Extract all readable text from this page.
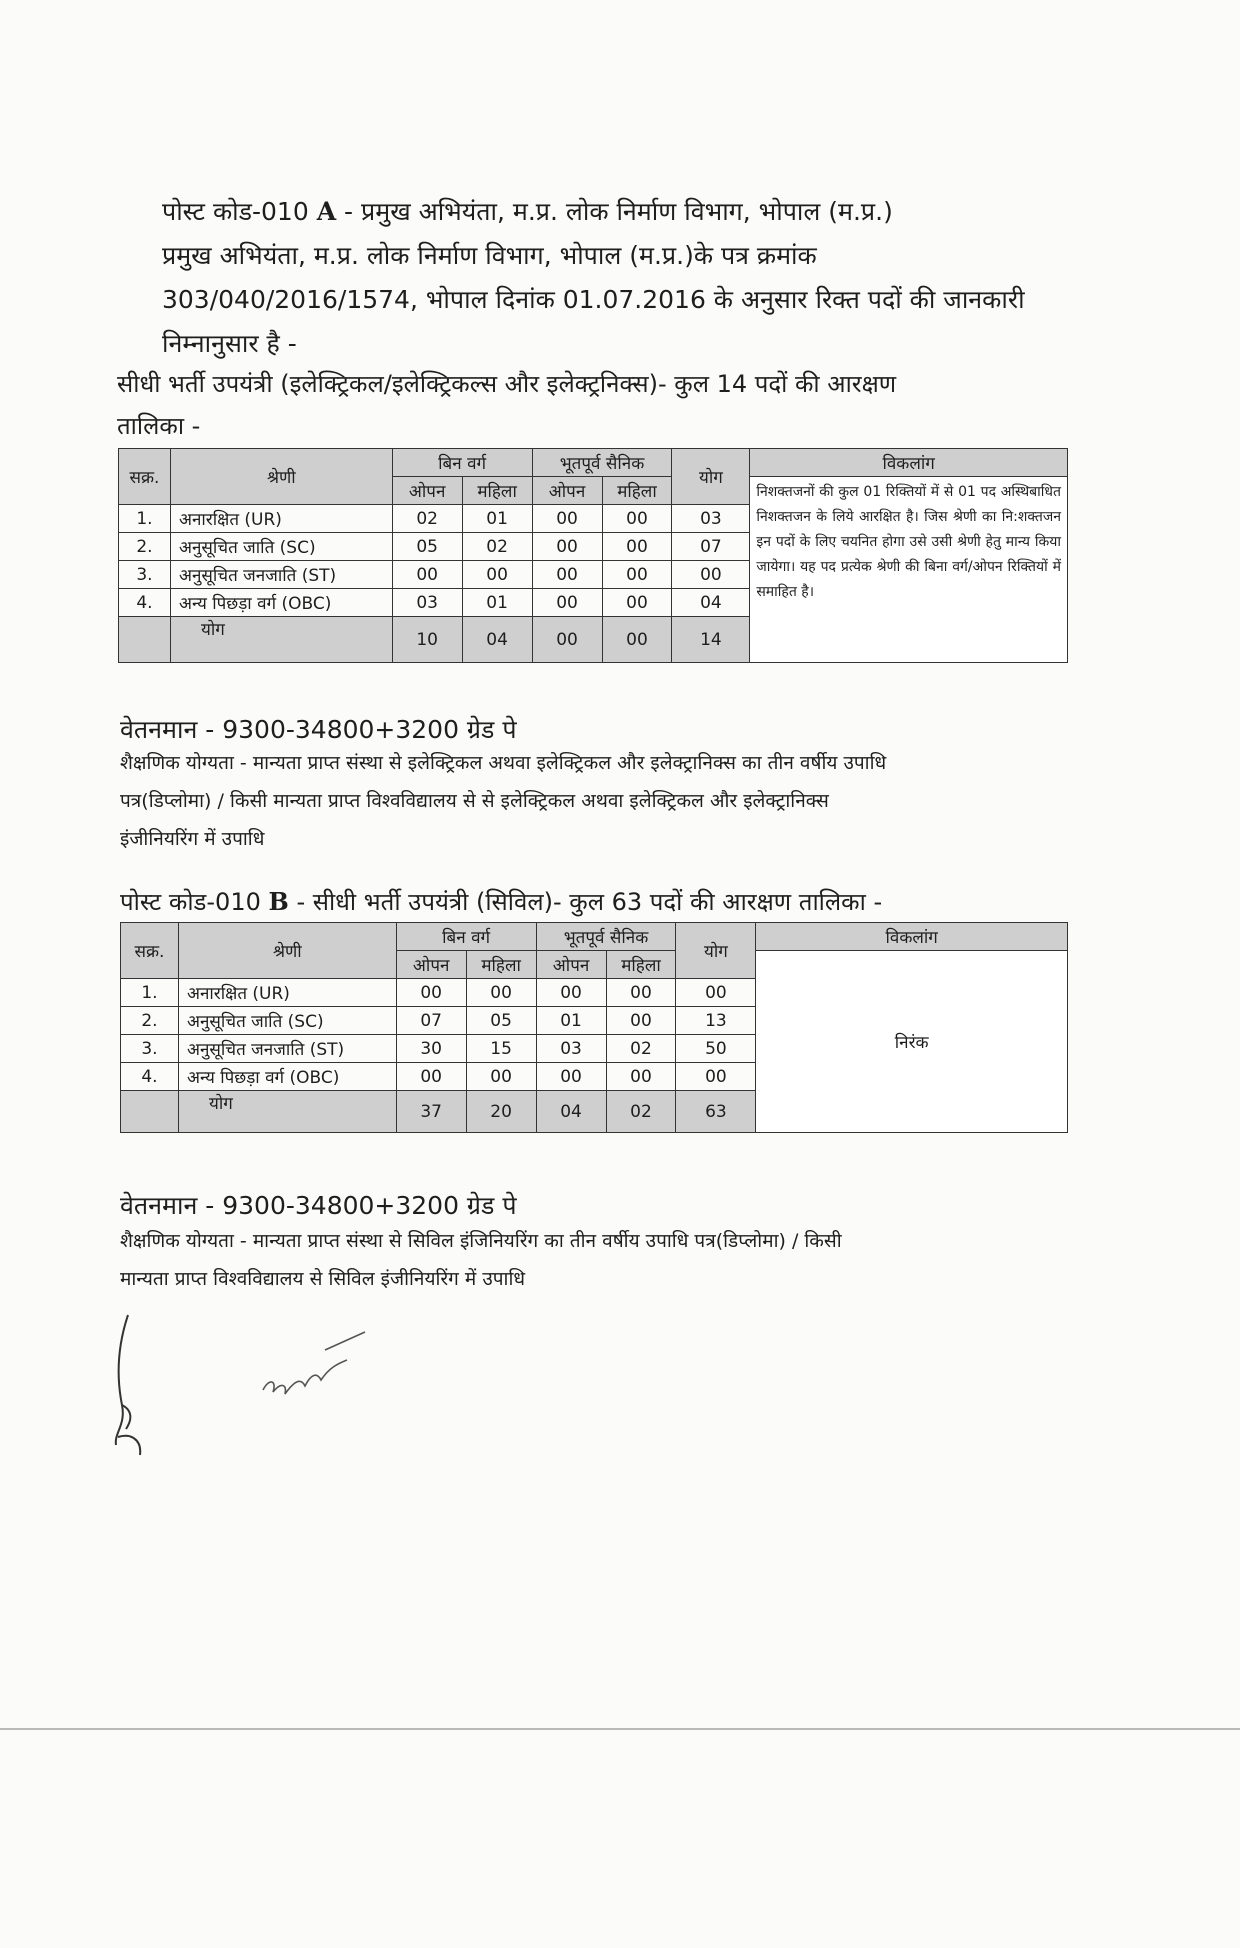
पोस्ट कोड-010 A - प्रमुख अभियंता, म.प्र. लोक निर्माण विभाग, भोपाल (म.प्र.)

प्रमुख अभियंता, म.प्र. लोक निर्माण विभाग, भोपाल (म.प्र.)के पत्र क्रमांक

303/040/2016/1574, भोपाल दिनांक 01.07.2016 के अनुसार रिक्त पदों की जानकारी

निम्नानुसार है -

सीधी भर्ती उपयंत्री (इलेक्ट्रिकल/इलेक्ट्रिकल्स और इलेक्ट्रनिक्स)- कुल 14 पदों की आरक्षण

तालिका -

सक्र.	श्रेणी	बिन वर्ग		भूतपूर्व सैनिक		योग	विकलांग
		ओपन	महिला	ओपन	महिला		निशक्तजनों की कुल 01 रिक्तियों में से 01 पद अस्थिबाधित निशक्तजन के लिये आरक्षित है। जिस श्रेणी का नि:शक्तजन इन पदों के लिए चयनित होगा उसे उसी श्रेणी हेतु मान्य किया जायेगा। यह पद प्रत्येक श्रेणी की बिना वर्ग/ओपन रिक्तियों में समाहित है।
1.	अनारक्षित (UR)	02	01	00	00	03	
2.	अनुसूचित जाति (SC)	05	02	00	00	07	
3.	अनुसूचित जनजाति (ST)	00	00	00	00	00	
4.	अन्य पिछड़ा वर्ग (OBC)	03	01	00	00	04	
	योग	10	04	00	00	14	

वेतनमान - 9300-34800+3200 ग्रेड पे

शैक्षणिक योग्यता - मान्यता प्राप्त संस्था से इलेक्ट्रिकल अथवा इलेक्ट्रिकल और इलेक्ट्रानिक्स का तीन वर्षीय उपाधि

पत्र(डिप्लोमा) / किसी मान्यता प्राप्त विश्वविद्यालय से से इलेक्ट्रिकल अथवा इलेक्ट्रिकल और इलेक्ट्रानिक्स

इंजीनियरिंग में उपाधि

पोस्ट कोड-010 B - सीधी भर्ती उपयंत्री (सिविल)- कुल 63 पदों की आरक्षण तालिका -

सक्र.	श्रेणी	बिन वर्ग		भूतपूर्व सैनिक		योग	विकलांग
		ओपन	महिला	ओपन	महिला		निरंक
1.	अनारक्षित (UR)	00	00	00	00	00	
2.	अनुसूचित जाति (SC)	07	05	01	00	13	
3.	अनुसूचित जनजाति (ST)	30	15	03	02	50	
4.	अन्य पिछड़ा वर्ग (OBC)	00	00	00	00	00	
	योग	37	20	04	02	63	

वेतनमान - 9300-34800+3200 ग्रेड पे

शैक्षणिक योग्यता - मान्यता प्राप्त संस्था से सिविल इंजिनियरिंग का तीन वर्षीय उपाधि पत्र(डिप्लोमा) / किसी

मान्यता प्राप्त विश्वविद्यालय से सिविल इंजीनियरिंग में उपाधि
